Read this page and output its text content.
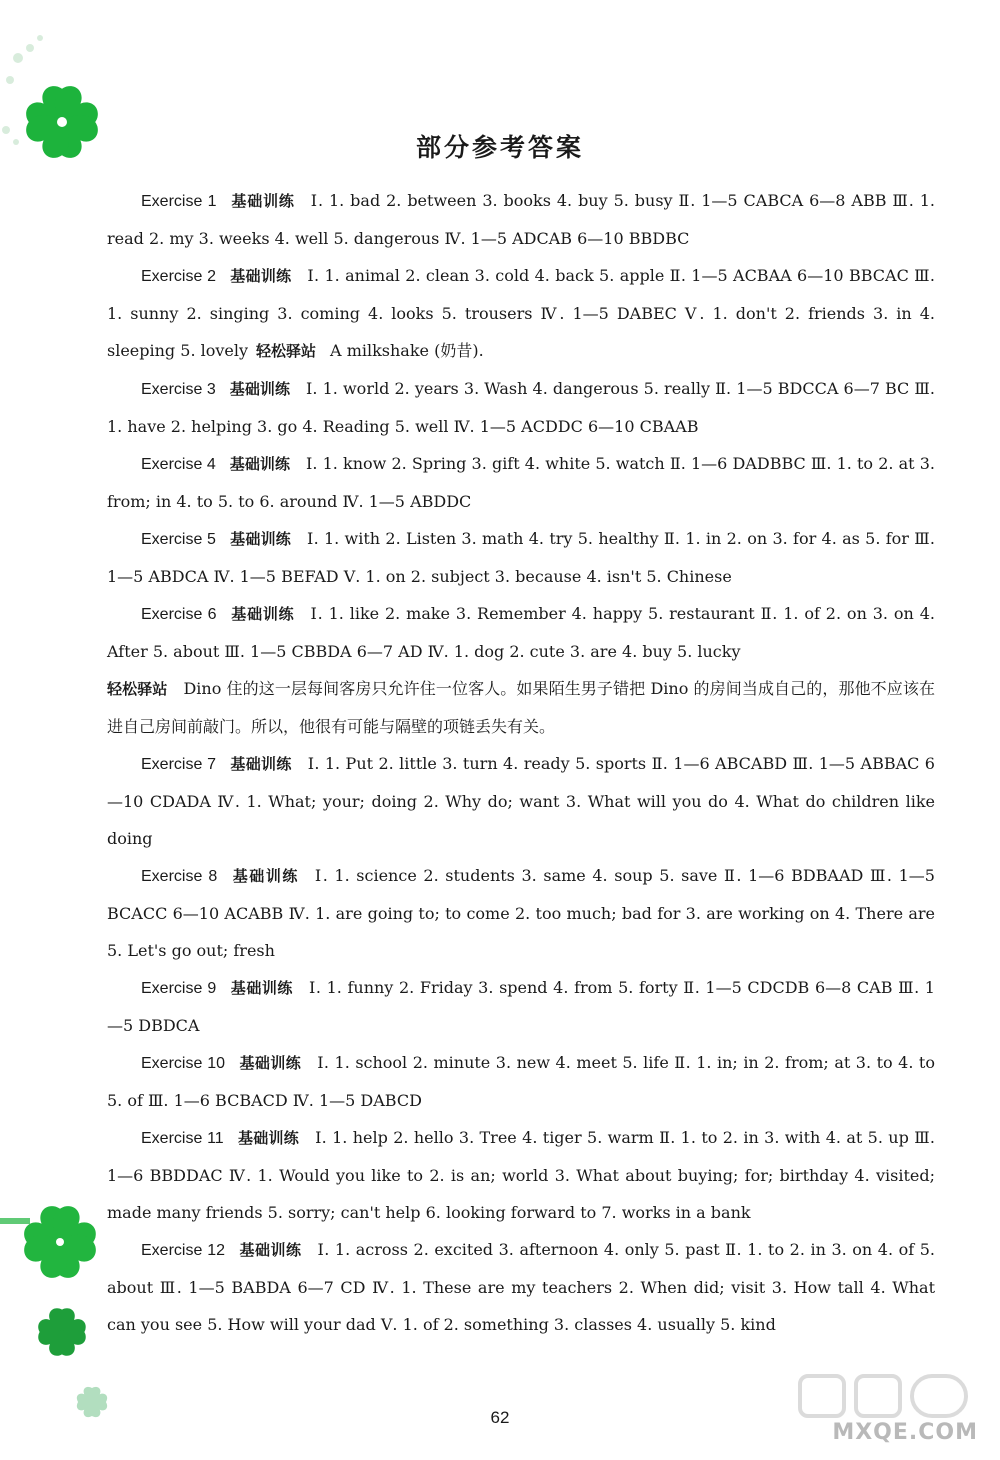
部分参考答案

Exercise 1 基础训练 Ⅰ. 1. bad 2. between 3. books 4. buy 5. busy Ⅱ. 1—5 CABCA 6—8 ABB Ⅲ. 1. read 2. my 3. weeks 4. well 5. dangerous Ⅳ. 1—5 ADCAB 6—10 BBDBC

Exercise 2 基础训练 Ⅰ. 1. animal 2. clean 3. cold 4. back 5. apple Ⅱ. 1—5 ACBAA 6—10 BBCAC Ⅲ. 1. sunny 2. singing 3. coming 4. looks 5. trousers Ⅳ. 1—5 DABEC Ⅴ. 1. don't 2. friends 3. in 4. sleeping 5. lovely 轻松驿站 A milkshake (奶昔).

Exercise 3 基础训练 Ⅰ. 1. world 2. years 3. Wash 4. dangerous 5. really Ⅱ. 1—5 BDCCA 6—7 BC Ⅲ. 1. have 2. helping 3. go 4. Reading 5. well Ⅳ. 1—5 ACDDC 6—10 CBAAB

Exercise 4 基础训练 Ⅰ. 1. know 2. Spring 3. gift 4. white 5. watch Ⅱ. 1—6 DADBBC Ⅲ. 1. to 2. at 3. from; in 4. to 5. to 6. around Ⅳ. 1—5 ABDDC

Exercise 5 基础训练 Ⅰ. 1. with 2. Listen 3. math 4. try 5. healthy Ⅱ. 1. in 2. on 3. for 4. as 5. for Ⅲ. 1—5 ABDCA Ⅳ. 1—5 BEFAD Ⅴ. 1. on 2. subject 3. because 4. isn't 5. Chinese

Exercise 6 基础训练 Ⅰ. 1. like 2. make 3. Remember 4. happy 5. restaurant Ⅱ. 1. of 2. on 3. on 4. After 5. about Ⅲ. 1—5 CBBDA 6—7 AD Ⅳ. 1. dog 2. cute 3. are 4. buy 5. lucky

轻松驿站 Dino 住的这一层每间客房只允许住一位客人。如果陌生男子错把 Dino 的房间当成自己的，那他不应该在进自己房间前敲门。所以，他很有可能与隔壁的项链丢失有关。

Exercise 7 基础训练 Ⅰ. 1. Put 2. little 3. turn 4. ready 5. sports Ⅱ. 1—6 ABCABD Ⅲ. 1—5 ABBAC 6—10 CDADA Ⅳ. 1. What; your; doing 2. Why do; want 3. What will you do 4. What do children like doing

Exercise 8 基础训练 Ⅰ. 1. science 2. students 3. same 4. soup 5. save Ⅱ. 1—6 BDBAAD Ⅲ. 1—5 BCACC 6—10 ACABB Ⅳ. 1. are going to; to come 2. too much; bad for 3. are working on 4. There are 5. Let's go out; fresh

Exercise 9 基础训练 Ⅰ. 1. funny 2. Friday 3. spend 4. from 5. forty Ⅱ. 1—5 CDCDB 6—8 CAB Ⅲ. 1—5 DBDCA

Exercise 10 基础训练 Ⅰ. 1. school 2. minute 3. new 4. meet 5. life Ⅱ. 1. in; in 2. from; at 3. to 4. to 5. of Ⅲ. 1—6 BCBACD Ⅳ. 1—5 DABCD

Exercise 11 基础训练 Ⅰ. 1. help 2. hello 3. Tree 4. tiger 5. warm Ⅱ. 1. to 2. in 3. with 4. at 5. up Ⅲ. 1—6 BBDDAC Ⅳ. 1. Would you like to 2. is an; world 3. What about buying; for; birthday 4. visited; made many friends 5. sorry; can't help 6. looking forward to 7. works in a bank

Exercise 12 基础训练 Ⅰ. 1. across 2. excited 3. afternoon 4. only 5. past Ⅱ. 1. to 2. in 3. on 4. of 5. about Ⅲ. 1—5 BABDA 6—7 CD Ⅳ. 1. These are my teachers 2. When did; visit 3. How tall 4. What can you see 5. How will your dad Ⅴ. 1. of 2. something 3. classes 4. usually 5. kind

62
MXQE.COM
